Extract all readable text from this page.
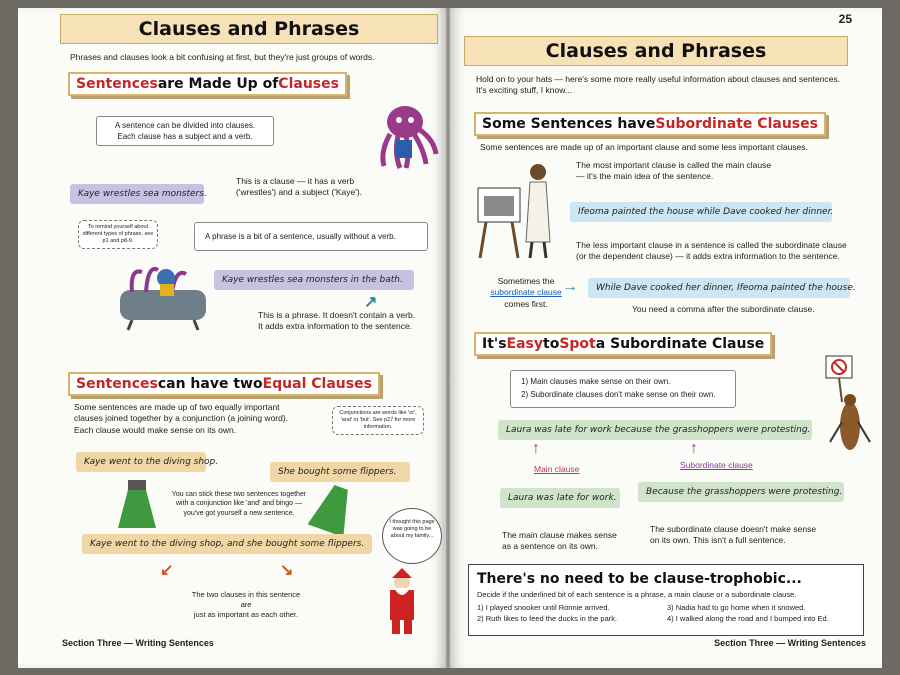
Clauses and Phrases
Phrases and clauses look a bit confusing at first, but they're just groups of words.
Sentences are Made Up of Clauses
A sentence can be divided into clauses.
Each clause has a subject and a verb.
Kaye wrestles sea monsters.
This is a clause — it has a verb
('wrestles') and a subject ('Kaye').
To remind yourself about different types of phrase, see p1 and p8-9.
A phrase is a bit of a sentence, usually without a verb.
Kaye wrestles sea monsters in the bath.
↗
This is a phrase. It doesn't contain a verb.
It adds extra information to the sentence.
Sentences can have two Equal Clauses
Some sentences are made up of two equally important
clauses joined together by a conjunction (a joining word).
Each clause would make sense on its own.
Conjunctions are words like 'or', 'and' or 'but'. See p27 for more information.
Kaye went to the diving shop.
She bought some flippers.
You can stick these two sentences together
with a conjunction like 'and' and bingo —
you've got yourself a new sentence.
Kaye went to the diving shop, and she bought some flippers.
↙	↘
The two clauses in this sentence are
just as important as each other.
I thought this page was going to be about my family...
Section Three — Writing Sentences
25
Clauses and Phrases
Hold on to your hats — here's some more really useful information about clauses and sentences.
It's exciting stuff, I know...
Some Sentences have Subordinate Clauses
Some sentences are made up of an important clause and some less important clauses.
The most important clause is called the main clause
— it's the main idea of the sentence.
Ifeoma painted the house while Dave cooked her dinner.
The less important clause in a sentence is called the subordinate clause
(or the dependent clause) — it adds extra information to the sentence.
Sometimes the
subordinate clause
comes first.
→	While Dave cooked her dinner, Ifeoma painted the house.
You need a comma after the subordinate clause.
It's Easy to Spot a Subordinate Clause
1) Main clauses make sense on their own.
2) Subordinate clauses don't make sense on their own.
Laura was late for work because the grasshoppers were protesting.
↑	↑
Main clause	Subordinate clause
Laura was late for work.
Because the grasshoppers were protesting.
The main clause makes sense
as a sentence on its own.
The subordinate clause doesn't make sense
on its own. This isn't a full sentence.
There's no need to be clause-trophobic...
Decide if the underlined bit of each sentence is a phrase, a main clause or a subordinate clause.
1) I played snooker until Ronnie arrived.
2) Ruth likes to feed the ducks in the park.
3) Nadia had to go home when it snowed.
4) I walked along the road and I bumped into Ed.
Section Three — Writing Sentences
